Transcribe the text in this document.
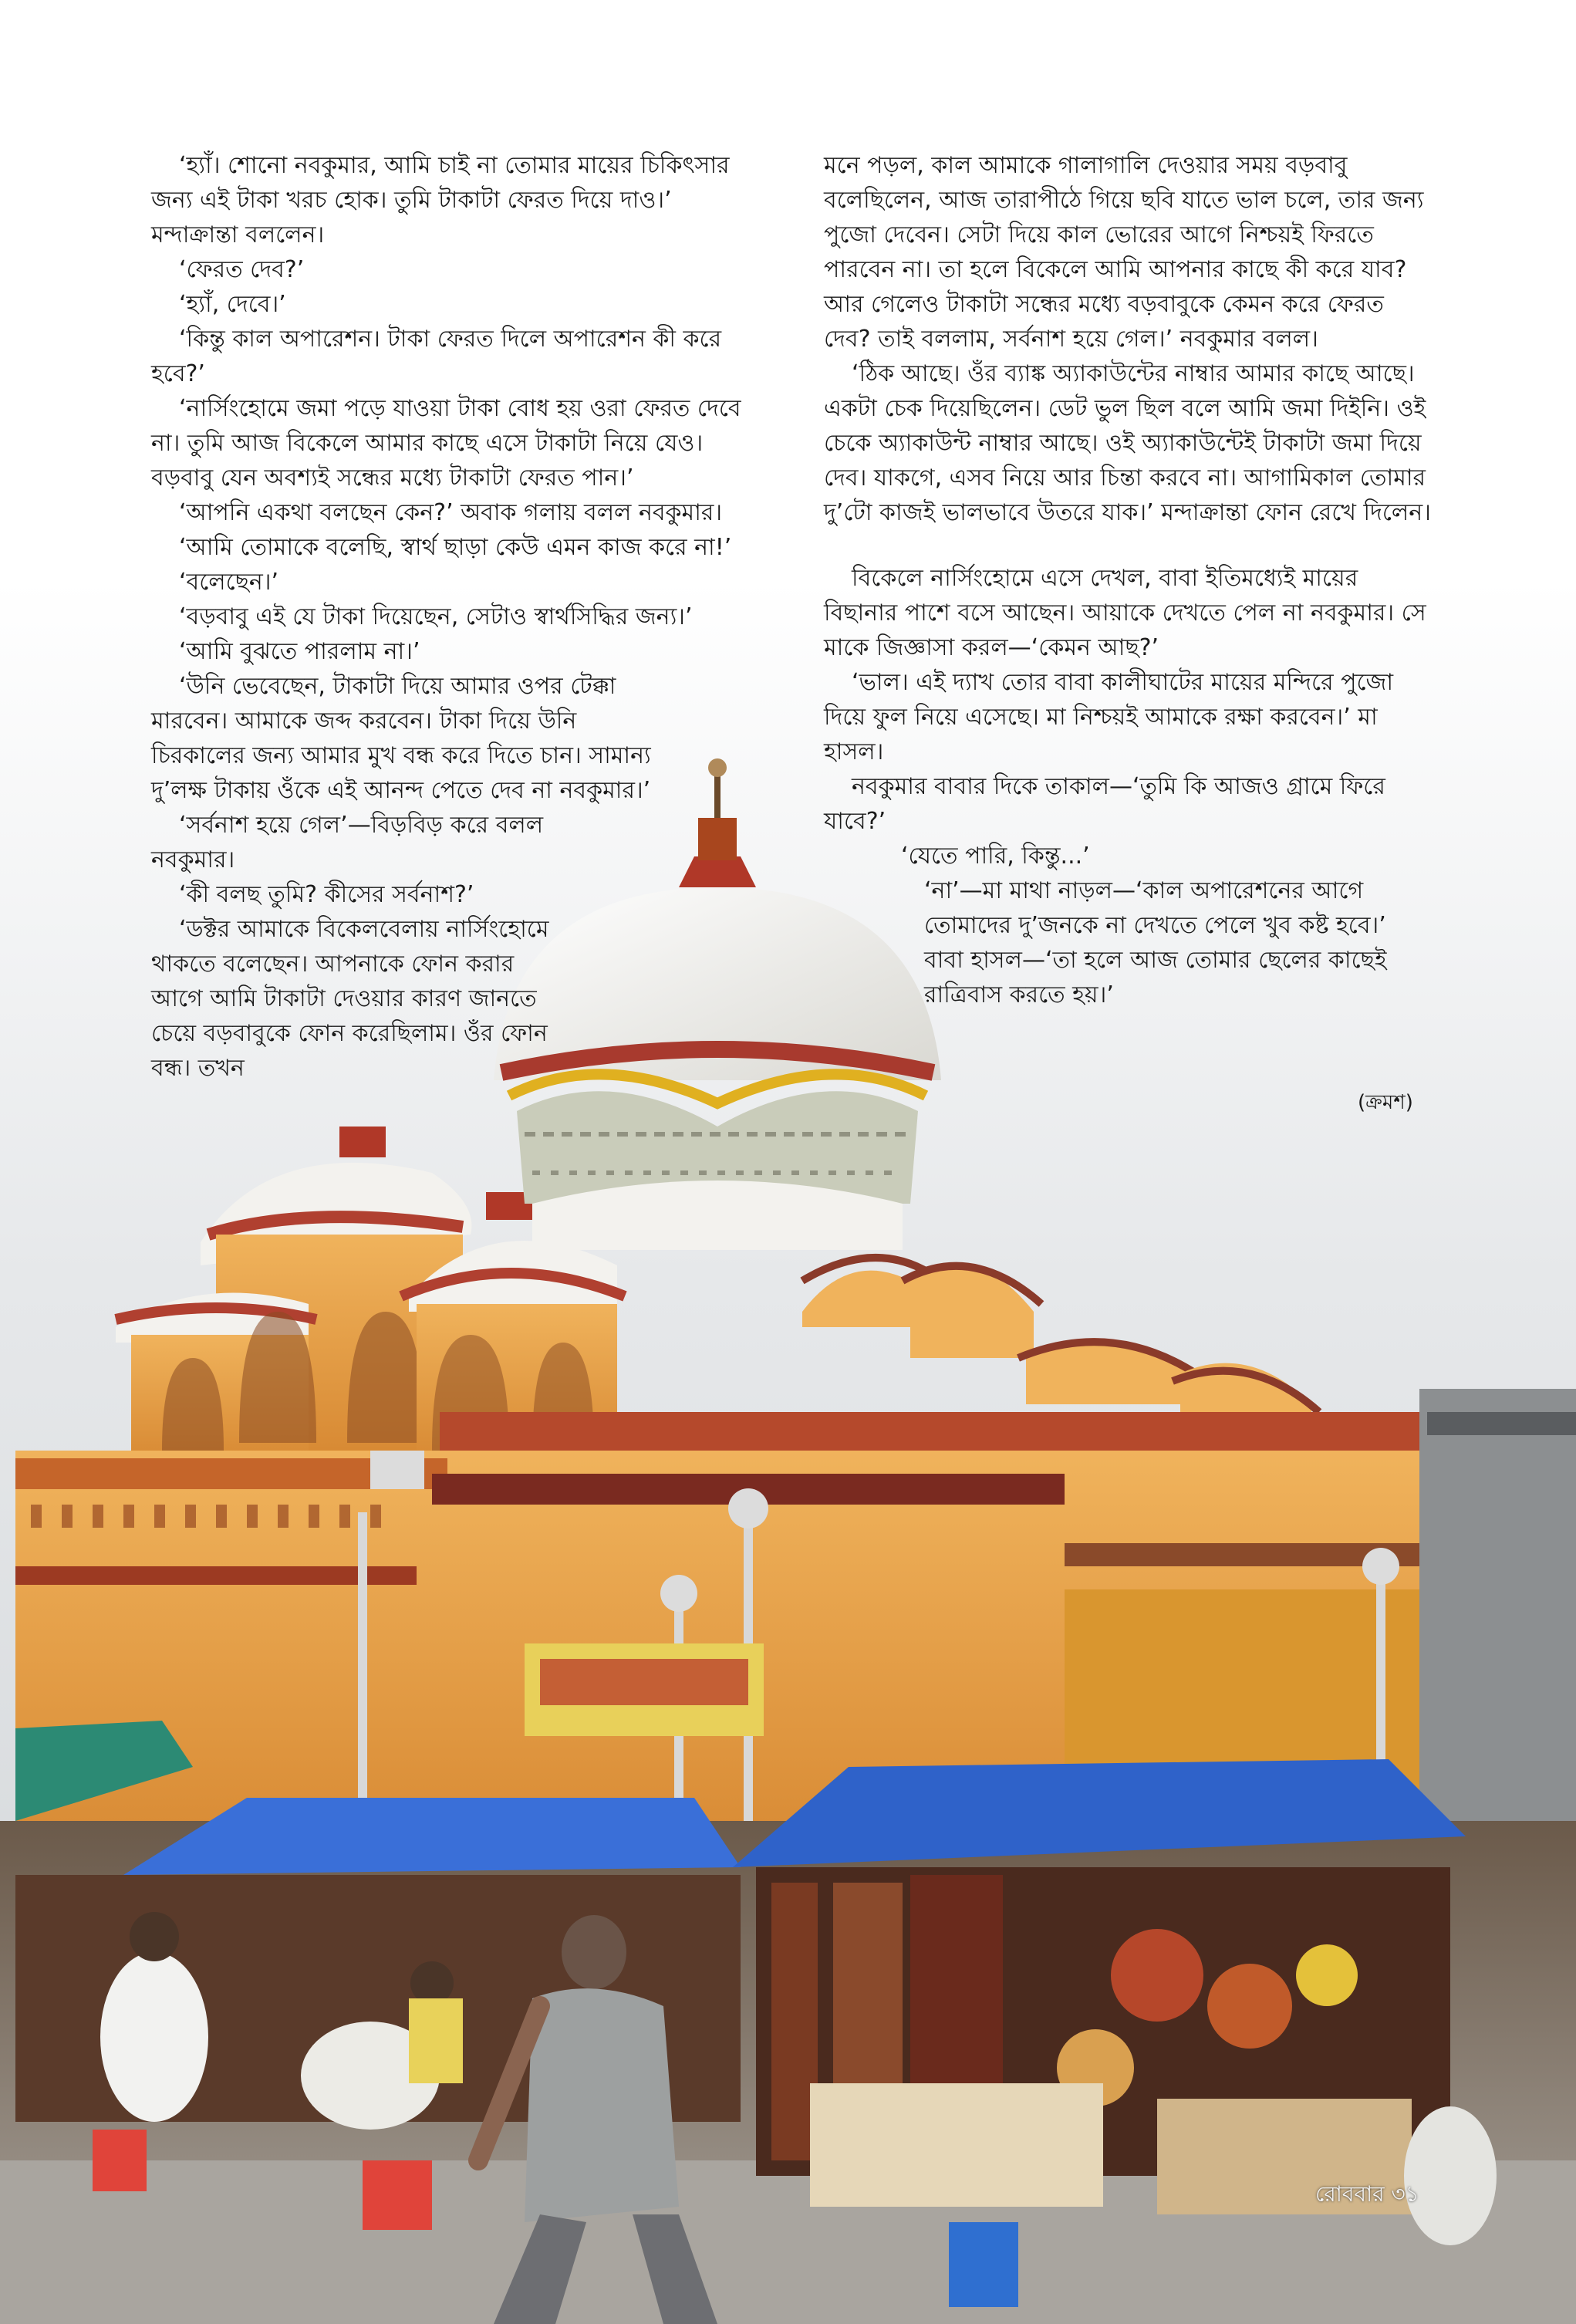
‘হ্যাঁ। শোনো নবকুমার, আমি চাই না তোমার মায়ের চিকিৎসার জন্য এই টাকা খরচ হোক। তুমি টাকাটা ফেরত দিয়ে দাও।’ মন্দাক্রান্তা বললেন।

‘ফেরত দেব?’

‘হ্যাঁ, দেবে।’

‘কিন্তু কাল অপারেশন। টাকা ফেরত দিলে অপারেশন কী করে হবে?’

‘নার্সিংহোমে জমা পড়ে যাওয়া টাকা বোধ হয় ওরা ফেরত দেবে না। তুমি আজ বিকেলে আমার কাছে এসে টাকাটা নিয়ে যেও। বড়বাবু যেন অবশ্যই সন্ধের মধ্যে টাকাটা ফেরত পান।’

‘আপনি একথা বলছেন কেন?’ অবাক গলায় বলল নবকুমার।

‘আমি তোমাকে বলেছি, স্বার্থ ছাড়া কেউ এমন কাজ করে না!’

‘বলেছেন।’

‘বড়বাবু এই যে টাকা দিয়েছেন, সেটাও স্বার্থসিদ্ধির জন্য।’

‘আমি বুঝতে পারলাম না।’

‘উনি ভেবেছেন, টাকাটা দিয়ে আমার ওপর টেক্কা মারবেন। আমাকে জব্দ করবেন। টাকা দিয়ে উনি চিরকালের জন্য আমার মুখ বন্ধ করে দিতে চান। সামান্য দু’লক্ষ টাকায় ওঁকে এই আনন্দ পেতে দেব না নবকুমার।’

‘সর্বনাশ হয়ে গেল’—বিড়বিড় করে বলল নবকুমার।

‘কী বলছ তুমি? কীসের সর্বনাশ?’

‘ডক্টর আমাকে বিকেলবেলায় নার্সিংহোমে থাকতে বলেছেন। আপনাকে ফোন করার আগে আমি টাকাটা দেওয়ার কারণ জানতে চেয়ে বড়বাবুকে ফোন করেছিলাম। ওঁর ফোন বন্ধ। তখন

মনে পড়ল, কাল আমাকে গালাগালি দেওয়ার সময় বড়বাবু বলেছিলেন, আজ তারাপীঠে গিয়ে ছবি যাতে ভাল চলে, তার জন্য পুজো দেবেন। সেটা দিয়ে কাল ভোরের আগে নিশ্চয়ই ফিরতে পারবেন না। তা হলে বিকেলে আমি আপনার কাছে কী করে যাব? আর গেলেও টাকাটা সন্ধের মধ্যে বড়বাবুকে কেমন করে ফেরত দেব? তাই বললাম, সর্বনাশ হয়ে গেল।’ নবকুমার বলল।

‘ঠিক আছে। ওঁর ব্যাঙ্ক অ্যাকাউন্টের নাম্বার আমার কাছে আছে। একটা চেক দিয়েছিলেন। ডেট ভুল ছিল বলে আমি জমা দিইনি। ওই চেকে অ্যাকাউন্ট নাম্বার আছে। ওই অ্যাকাউন্টেই টাকাটা জমা দিয়ে দেব। যাকগে, এসব নিয়ে আর চিন্তা করবে না। আগামিকাল তোমার দু’টো কাজই ভালভাবে উতরে যাক।’ মন্দাক্রান্তা ফোন রেখে দিলেন।

বিকেলে নার্সিংহোমে এসে দেখল, বাবা ইতিমধ্যেই মায়ের বিছানার পাশে বসে আছেন। আয়াকে দেখতে পেল না নবকুমার। সে মাকে জিজ্ঞাসা করল—‘কেমন আছ?’

‘ভাল। এই দ্যাখ তোর বাবা কালীঘাটের মায়ের মন্দিরে পুজো দিয়ে ফুল নিয়ে এসেছে। মা নিশ্চয়ই আমাকে রক্ষা করবেন।’ মা হাসল।

নবকুমার বাবার দিকে তাকাল—‘তুমি কি আজও গ্রামে ফিরে যাবে?’

‘যেতে পারি, কিন্তু...’

‘না’—মা মাথা নাড়ল—‘কাল অপারেশনের আগে তোমাদের দু’জনকে না দেখতে পেলে খুব কষ্ট হবে।’

বাবা হাসল—‘তা হলে আজ তোমার ছেলের কাছেই রাত্রিবাস করতে হয়।’

(ক্রমশ)
রোববার ৩১
